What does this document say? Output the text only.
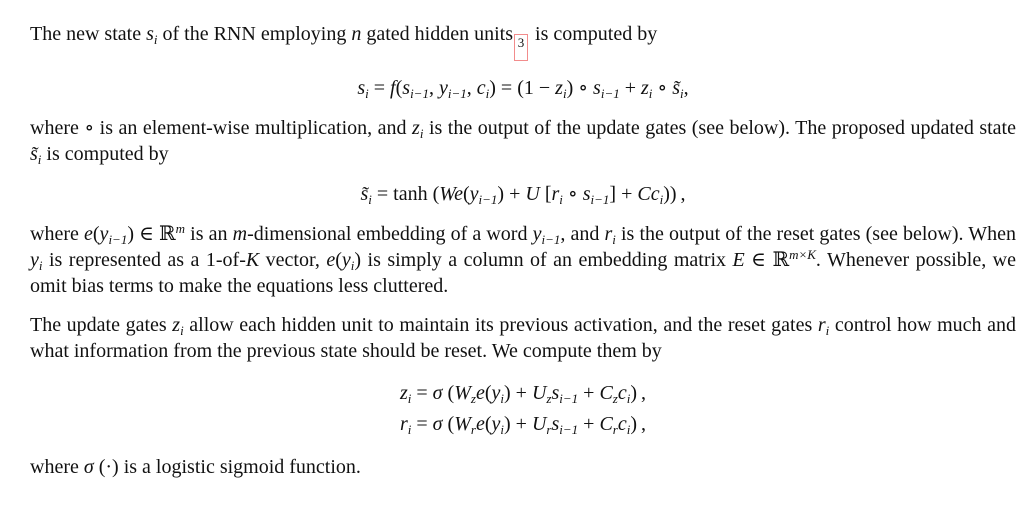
The new state $s_i$ of the RNN employing n gated hidden units 3 is computed by

$s_i = f(s_{i-1}$, $y_{i-1}$, $c_i) = (1 - z_i)$ ∘ $s_{i-1} + z_i$ ∘ $s̃_i$,

where ∘ is an element-wise multiplication, and $z_i$ is the output of the update gates (see below). The proposed updated state $s̃_i$ is computed by

$s̃_i = \tanh (We(y_{i-1}) + U$ [$r_i$ ∘ $s_{i-1}] + Cc_i$)) ,

where $e(y_{i-1})$ ∈ ℝ$^m$ is an m-dimensional embedding of a word $y_{i-1}$, and $r_i$ is the output of the reset gates (see below). When $y_i$ is represented as a 1-of-K vector, $e(y_i)$ is simply a column of an embedding matrix E ∈ ℝ$^{m\times K}$. Whenever possible, we omit bias terms to make the equations less cluttered.

The update gates $z_i$ allow each hidden unit to maintain its previous activation, and the reset gates $r_i$ control how much and what information from the previous state should be reset. We compute them by

$z_i = \sigma$ $(W_ze(y_i) + U_zs_{i-1} + C_zc_i)$ ,
$r_i = \sigma$ $(W_re(y_i) + U_rs_{i-1} + C_rc_i)$ ,

where σ (·) is a logistic sigmoid function.
